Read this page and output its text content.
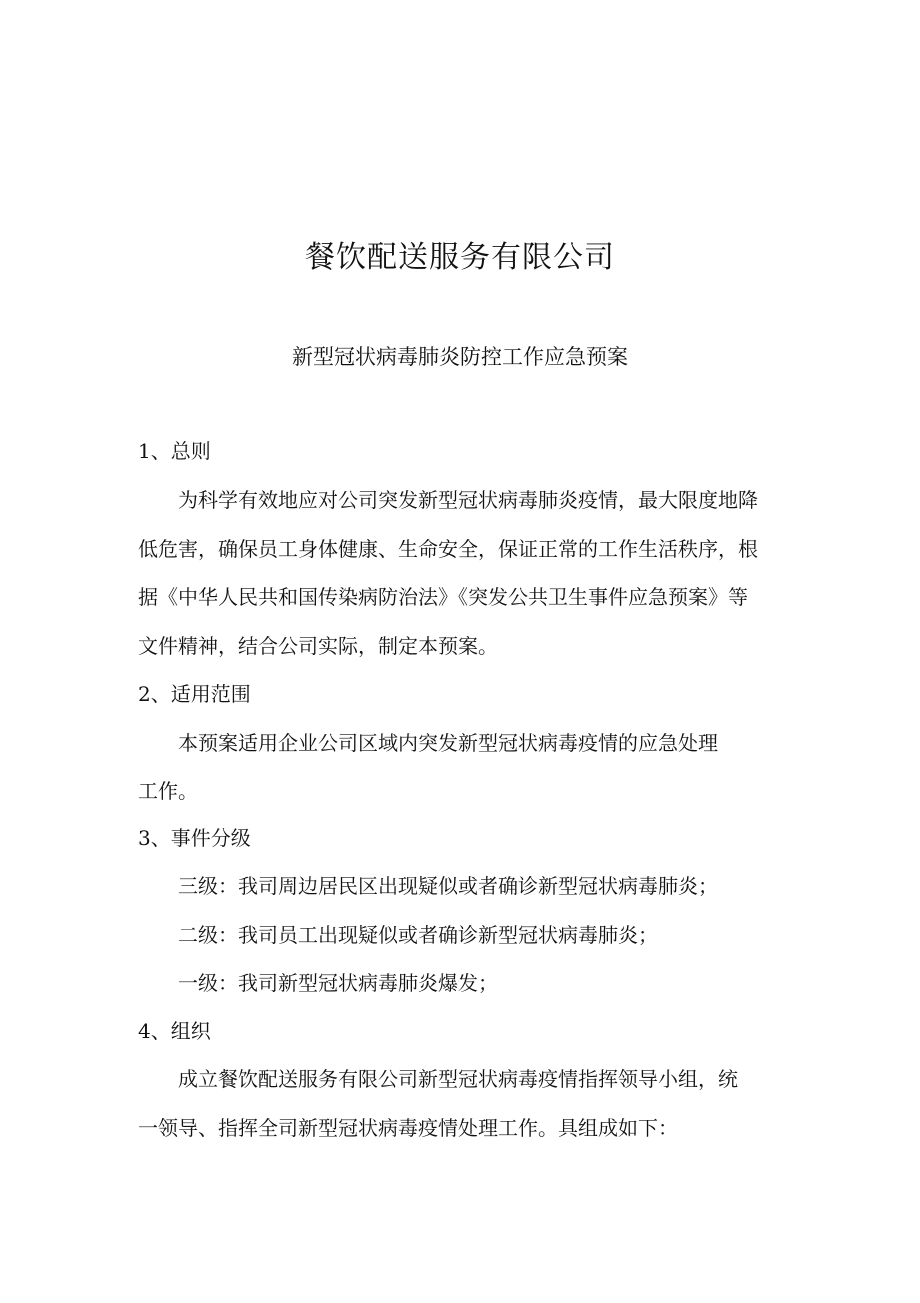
餐饮配送服务有限公司
新型冠状病毒肺炎防控工作应急预案
1、总则
为科学有效地应对公司突发新型冠状病毒肺炎疫情，最大限度地降
低危害，确保员工身体健康、生命安全，保证正常的工作生活秩序，根
据《中华人民共和国传染病防治法》《突发公共卫生事件应急预案》等
文件精神，结合公司实际，制定本预案。
2、适用范围
本预案适用企业公司区域内突发新型冠状病毒疫情的应急处理
工作。
3、事件分级
三级：我司周边居民区出现疑似或者确诊新型冠状病毒肺炎；
二级：我司员工出现疑似或者确诊新型冠状病毒肺炎；
一级：我司新型冠状病毒肺炎爆发；
4、组织
成立餐饮配送服务有限公司新型冠状病毒疫情指挥领导小组，统
一领导、指挥全司新型冠状病毒疫情处理工作。具组成如下：
